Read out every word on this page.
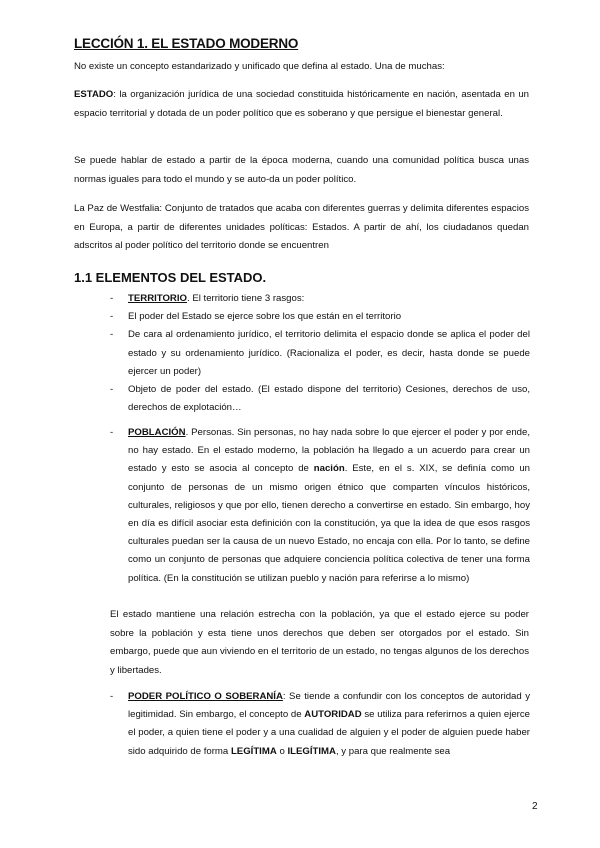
LECCIÓN 1. EL ESTADO MODERNO

No existe un concepto estandarizado y unificado que defina al estado. Una de muchas:

ESTADO: la organización jurídica de una sociedad constituida históricamente en nación, asentada en un espacio territorial y dotada de un poder político que es soberano y que persigue el bienestar general.

Se puede hablar de estado a partir de la época moderna, cuando una comunidad política busca unas normas iguales para todo el mundo y se auto-da un poder político.

La Paz de Westfalia: Conjunto de tratados que acaba con diferentes guerras y delimita diferentes espacios en Europa, a partir de diferentes unidades políticas: Estados. A partir de ahí, los ciudadanos quedan adscritos al poder político del territorio donde se encuentren

1.1 ELEMENTOS DEL ESTADO.
- TERRITORIO. El territorio tiene 3 rasgos:
- El poder del Estado se ejerce sobre los que están en el territorio
- De cara al ordenamiento jurídico, el territorio delimita el espacio donde se aplica el poder del estado y su ordenamiento jurídico. (Racionaliza el poder, es decir, hasta donde se puede ejercer un poder)
- Objeto de poder del estado. (El estado dispone del territorio) Cesiones, derechos de uso, derechos de explotación…
- POBLACIÓN. Personas. Sin personas, no hay nada sobre lo que ejercer el poder y por ende, no hay estado. En el estado moderno, la población ha llegado a un acuerdo para crear un estado y esto se asocia al concepto de nación. Este, en el s. XIX, se definía como un conjunto de personas de un mismo origen étnico que comparten vínculos históricos, culturales, religiosos y que por ello, tienen derecho a convertirse en estado. Sin embargo, hoy en día es difícil asociar esta definición con la constitución, ya que la idea de que esos rasgos culturales puedan ser la causa de un nuevo Estado, no encaja con ella. Por lo tanto, se define como un conjunto de personas que adquiere conciencia política colectiva de tener una forma política. (En la constitución se utilizan pueblo y nación para referirse a lo mismo)

El estado mantiene una relación estrecha con la población, ya que el estado ejerce su poder sobre la población y esta tiene unos derechos que deben ser otorgados por el estado. Sin embargo, puede que aun viviendo en el territorio de un estado, no tengas algunos de los derechos y libertades.

- PODER POLÍTICO O SOBERANÍA: Se tiende a confundir con los conceptos de autoridad y legitimidad. Sin embargo, el concepto de AUTORIDAD se utiliza para referirnos a quien ejerce el poder, a quien tiene el poder y a una cualidad de alguien y el poder de alguien puede haber sido adquirido de forma LEGÍTIMA o ILEGÍTIMA, y para que realmente sea

2
